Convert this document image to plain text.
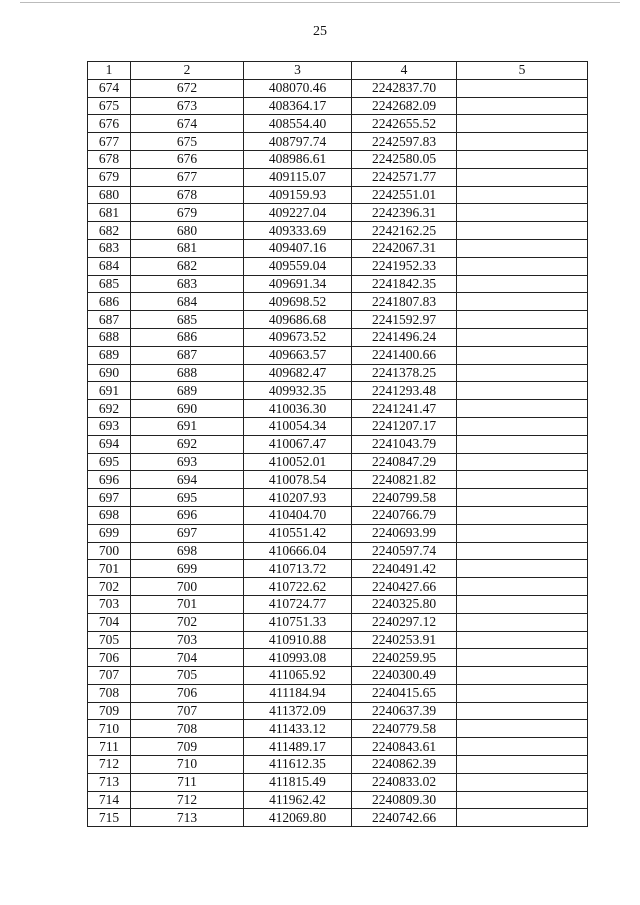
25
1	2	3	4	5
674	672	408070.46	2242837.70	
675	673	408364.17	2242682.09	
676	674	408554.40	2242655.52	
677	675	408797.74	2242597.83	
678	676	408986.61	2242580.05	
679	677	409115.07	2242571.77	
680	678	409159.93	2242551.01	
681	679	409227.04	2242396.31	
682	680	409333.69	2242162.25	
683	681	409407.16	2242067.31	
684	682	409559.04	2241952.33	
685	683	409691.34	2241842.35	
686	684	409698.52	2241807.83	
687	685	409686.68	2241592.97	
688	686	409673.52	2241496.24	
689	687	409663.57	2241400.66	
690	688	409682.47	2241378.25	
691	689	409932.35	2241293.48	
692	690	410036.30	2241241.47	
693	691	410054.34	2241207.17	
694	692	410067.47	2241043.79	
695	693	410052.01	2240847.29	
696	694	410078.54	2240821.82	
697	695	410207.93	2240799.58	
698	696	410404.70	2240766.79	
699	697	410551.42	2240693.99	
700	698	410666.04	2240597.74	
701	699	410713.72	2240491.42	
702	700	410722.62	2240427.66	
703	701	410724.77	2240325.80	
704	702	410751.33	2240297.12	
705	703	410910.88	2240253.91	
706	704	410993.08	2240259.95	
707	705	411065.92	2240300.49	
708	706	411184.94	2240415.65	
709	707	411372.09	2240637.39	
710	708	411433.12	2240779.58	
711	709	411489.17	2240843.61	
712	710	411612.35	2240862.39	
713	711	411815.49	2240833.02	
714	712	411962.42	2240809.30	
715	713	412069.80	2240742.66	
